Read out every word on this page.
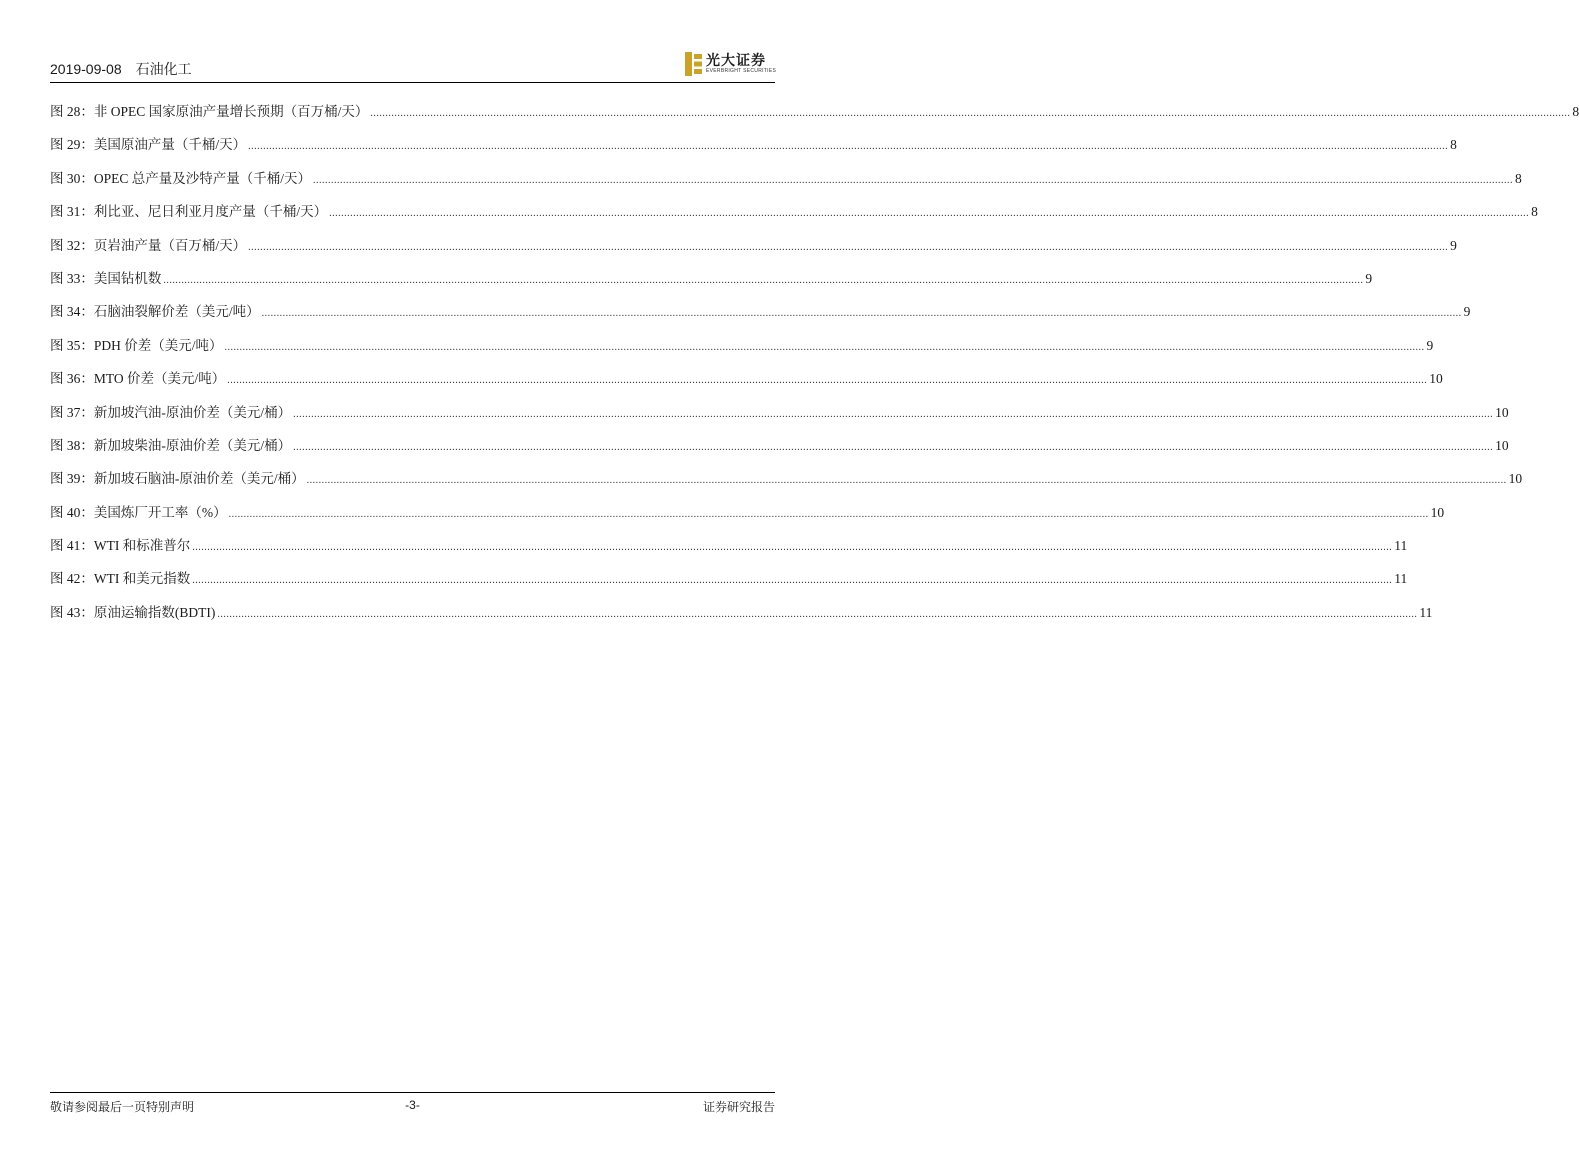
2019-09-08 石油化工	光大证券
EVERBRIGHT SECURITIES
图 28：非 OPEC 国家原油产量增长预期（百万桶/天） ................................................................................................................................................................................................................................................................................................................................................................................................................ 8
图 29：美国原油产量（千桶/天） ................................................................................................................................................................................................................................................................................................................................................................................................................ 8
图 30：OPEC 总产量及沙特产量（千桶/天） ................................................................................................................................................................................................................................................................................................................................................................................................................ 8
图 31：利比亚、尼日利亚月度产量（千桶/天） ................................................................................................................................................................................................................................................................................................................................................................................................................ 8
图 32：页岩油产量（百万桶/天） ................................................................................................................................................................................................................................................................................................................................................................................................................ 9
图 33：美国钻机数 ................................................................................................................................................................................................................................................................................................................................................................................................................ 9
图 34：石脑油裂解价差（美元/吨） ................................................................................................................................................................................................................................................................................................................................................................................................................ 9
图 35：PDH 价差（美元/吨） ................................................................................................................................................................................................................................................................................................................................................................................................................ 9
图 36：MTO 价差（美元/吨） ................................................................................................................................................................................................................................................................................................................................................................................................................ 10
图 37：新加坡汽油-原油价差（美元/桶） ................................................................................................................................................................................................................................................................................................................................................................................................................ 10
图 38：新加坡柴油-原油价差（美元/桶） ................................................................................................................................................................................................................................................................................................................................................................................................................ 10
图 39：新加坡石脑油-原油价差（美元/桶） ................................................................................................................................................................................................................................................................................................................................................................................................................ 10
图 40：美国炼厂开工率（%） ................................................................................................................................................................................................................................................................................................................................................................................................................ 10
图 41：WTI 和标准普尔 ................................................................................................................................................................................................................................................................................................................................................................................................................ 11
图 42：WTI 和美元指数 ................................................................................................................................................................................................................................................................................................................................................................................................................ 11
图 43：原油运输指数(BDTI) ................................................................................................................................................................................................................................................................................................................................................................................................................ 11
敬请参阅最后一页特别声明	-3-	证券研究报告
